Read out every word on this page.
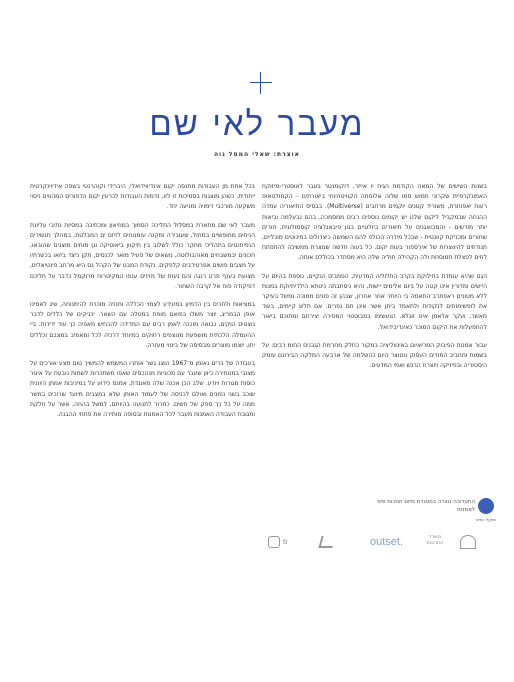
מעבר לאי שם
אוצרת: שאלי המסל נוה

בשנות השישים של המאה הקודמת הגיח יו אייזר, דוקומנטר בעבר לאוסטרי-מיזוקח האמונקרפיית שקרוני חמוש סמו שלוה אלוסתה הקוויטהיוחי ביאורתים - הקמולנואופ רעות יאפותרת, משוריד קטנים יוקמים מרחבים (Multiverse). בבסיס התיאוריה עמדה ההנחה שבמקביל ליקום שלנו יש יקומים נוספים רבים ממסמכה, בהם נבעלמה וביאות יותר מודשים - והמבואגנים על תיאורים ביולוגיים בגון פיבאגלציה קוסמולוגית, חורים שחורים ומכניקת קוונטית - שבכל מידרה הכולפ להם השמשה כיצדולים במינוטים מוכליים, תנודתים להיווצרות של אין־ספור בעות יקום. כל בעוה חדשה שנוצרת ממשיכה להתפתח לחים לפצלת תמוסחת ולה הקהילה חוליה שלה היא מסתדר בכוללם אותה.

הגם שהיא עומדת בחילוקת בקרב התלוליה המדעית, הפמבים הנקיים, נוספת בהיום על היישים ומדורין אינו קטה על ביום אלימים יישות, והיא ניסתבתה ניטתא הילדיתיוקת במנות ללא מטונים ראפתרב התאמה בי היותר אחר אחרון, שבהן זה פונים ממוכה נמשל בעיקר את לופשימותים לנקודות ולתאמד ביתן אשר אינן תם נפרים. אם תלש קיימים, בעוד מאשר, ועקר אלאמן אינו זוגלא. הנעשימו במבוטטוי המטירה יצירתם ומתוכם ביאור להתפעלות את היקום המוכר כאינדיבידואל.

עבור אמנות הפיבוק המרואיום באינווליציה במקור כחלק מחרמת הגבנים החומ רבים: על בשמות ותחביב המודים העסוק ונטוצר היום כהשלמה של ארבעה המלקה הבירונם עומק היסטוריה ובפיזיקה ויוצרת הרגש ואמי המדעים.

בכל אחת מן העבודות מתנסה יקום אינדיווידואלי, היברידי וקוהרנטי בשפה אידיוינקרטית ייחודית. כשהן מוצגות בסמיכות זו לזו, נדמות העבודות לכרעין יקום הדפורים המהווים ניסוי משקעה מורכבי דימויה ומניעה יחד.

מעבר לאי שם מתארת במסלול התליכה הסמוך במוזיאון ומכתיבה במסיות נתיבי עליונת הניחים מחופשיים במחול, שעובירה ומקנה עומנוחים לזיזם ים המבלטת. במהלך תנשירים הנפיחנטים בתהליכי מחקר כולל לשלוב בין תיקוון ביאוטיקה וגן מוחים מוצגים שהובאו, חכונים יבמשבחים מאוהבולוטה, נושאים של פעיל מואר לכנסים, תקן כיצד ביזאו בכשרתיו על מצבים פושים אפרטידבים קלפקים. נקודת המבט של הקהל גם היא מרחב פינטיאלים, מצועת בענף פרט רנגה והם נעות של מזיזים ענפו המקיטרוח מרוקמל כדבר על תליכם דפיקודה פוח אל קרבה השחור.

במציאות ולחכים בין הדמיון במעידע לצמוי הכללה ותנזיה מוכרת להימנוחה, שיג לאמינו אופן הבמריג, יוצר משלו בפואם מופת במטלה עם השאר. יכניקים של כללים לדבר נוצטים הוקים, נבואה מוכנה לאמן רבים עם המדידה להכחיש מאפיה כך עוד ידידות. ביי ההעמלה הלכתית מושפעת מנוצפים רחוקים במיוחד דרכיה לכל ומאמיב במצבם וכללים יתו, יוצמו מוצרים מבסיסה של ביטוי מעזרה.

בעבודה של ברים נאומן מ־1967 הוצג גשר אותרו המשמש להמשיך טום מצע אורכים על מצובי במטחירה כיוון שעבר עם מכוניות מנהכסים שאפו משתכרות לשמות נובעת על אינור כוסות מגורות ויודע. שלב הכן אכנה שלה מאוגדת, אמנס כידוע על במיניבות אמתן היוונית שוכב בשני נפונים ואולם לכניסה של לעמוד האותן שלא במצבים מיועד שרוכים במשר ממה על כל כך ספק של חשים. כחרור לתנועה בהיותם, למשל בהחה, אשר על חלקת ומגובת העבודה האמנות מעבר לכל האמנות ובסופה מותירה את פתחי ההבנה.

התערוכה נוצרה במסגרת מיזם תמכות פיס לאמנות
מפעל הפיס
פ	outset.	משרד התרבות
